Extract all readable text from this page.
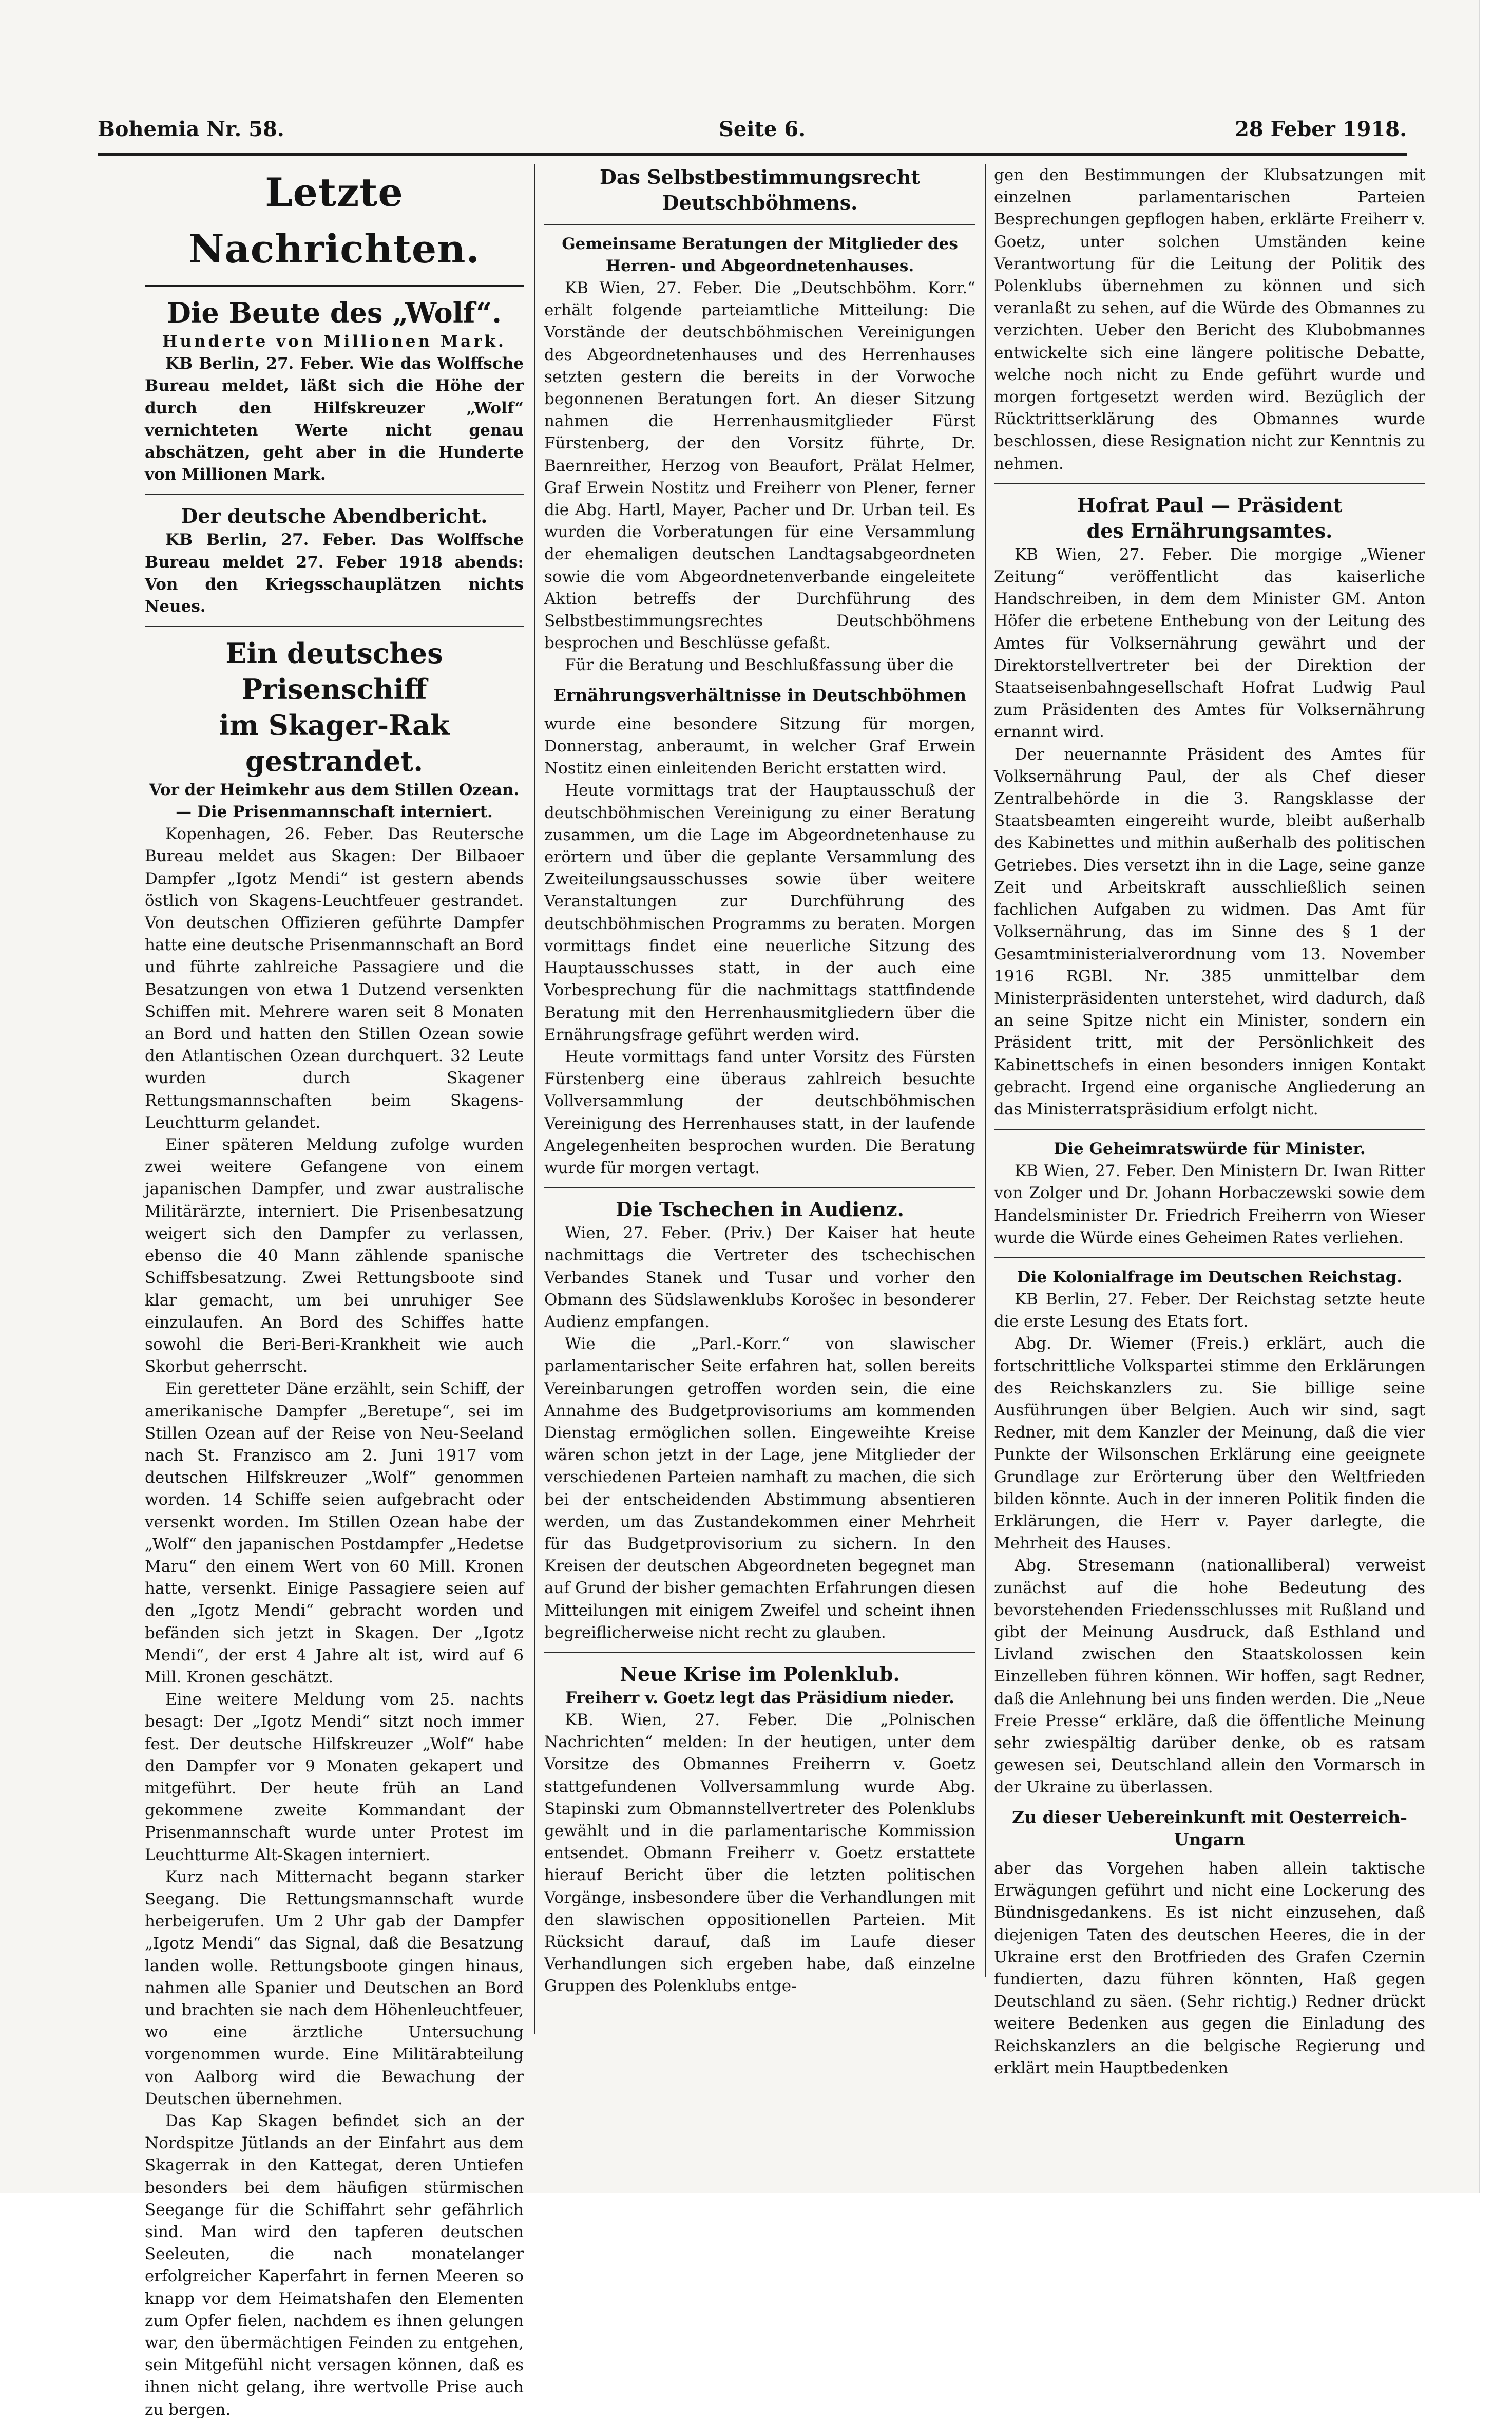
Bohemia Nr. 58.	Seite 6.	28 Feber 1918.
Letzte Nachrichten.
Die Beute des „Wolf“.
Hunderte von Millionen Mark.

KB Berlin, 27. Feber. Wie das Wolffsche Bureau meldet, läßt sich die Höhe der durch den Hilfskreuzer „Wolf“ vernichteten Werte nicht genau abschätzen, geht aber in die Hunderte von Millionen Mark.

Der deutsche Abendbericht.

KB Berlin, 27. Feber. Das Wolffsche Bureau meldet 27. Feber 1918 abends: Von den Kriegsschauplätzen nichts Neues.

Ein deutsches Prisenschiff
im Skager-Rak gestrandet.
Vor der Heimkehr aus dem Stillen Ozean. — Die Prisenmannschaft interniert.

Kopenhagen, 26. Feber. Das Reutersche Bureau meldet aus Skagen: Der Bilbaoer Dampfer „Igotz Mendi“ ist gestern abends östlich von Skagens-Leuchtfeuer gestrandet. Von deutschen Offizieren geführte Dampfer hatte eine deutsche Prisenmannschaft an Bord und führte zahlreiche Passagiere und die Besatzungen von etwa 1 Dutzend versenkten Schiffen mit. Mehrere waren seit 8 Monaten an Bord und hatten den Stillen Ozean sowie den Atlantischen Ozean durchquert. 32 Leute wurden durch Skagener Rettungsmannschaften beim Skagens-Leuchtturm gelandet.

Einer späteren Meldung zufolge wurden zwei weitere Gefangene von einem japanischen Dampfer, und zwar australische Militärärzte, interniert. Die Prisenbesatzung weigert sich den Dampfer zu verlassen, ebenso die 40 Mann zählende spanische Schiffsbesatzung. Zwei Rettungsboote sind klar gemacht, um bei unruhiger See einzulaufen. An Bord des Schiffes hatte sowohl die Beri-Beri-Krankheit wie auch Skorbut geherrscht.

Ein geretteter Däne erzählt, sein Schiff, der amerikanische Dampfer „Beretupe“, sei im Stillen Ozean auf der Reise von Neu-Seeland nach St. Franzisco am 2. Juni 1917 vom deutschen Hilfskreuzer „Wolf“ genommen worden. 14 Schiffe seien aufgebracht oder versenkt worden. Im Stillen Ozean habe der „Wolf“ den japanischen Postdampfer „Hedetse Maru“ den einem Wert von 60 Mill. Kronen hatte, versenkt. Einige Passagiere seien auf den „Igotz Mendi“ gebracht worden und befänden sich jetzt in Skagen. Der „Igotz Mendi“, der erst 4 Jahre alt ist, wird auf 6 Mill. Kronen geschätzt.

Eine weitere Meldung vom 25. nachts besagt: Der „Igotz Mendi“ sitzt noch immer fest. Der deutsche Hilfskreuzer „Wolf“ habe den Dampfer vor 9 Monaten gekapert und mitgeführt. Der heute früh an Land gekommene zweite Kommandant der Prisenmannschaft wurde unter Protest im Leuchtturme Alt-Skagen interniert.

Kurz nach Mitternacht begann starker Seegang. Die Rettungsmannschaft wurde herbeigerufen. Um 2 Uhr gab der Dampfer „Igotz Mendi“ das Signal, daß die Besatzung landen wolle. Rettungsboote gingen hinaus, nahmen alle Spanier und Deutschen an Bord und brachten sie nach dem Höhenleuchtfeuer, wo eine ärztliche Untersuchung vorgenommen wurde. Eine Militärabteilung von Aalborg wird die Bewachung der Deutschen übernehmen.

Das Kap Skagen befindet sich an der Nordspitze Jütlands an der Einfahrt aus dem Skagerrak in den Kattegat, deren Untiefen besonders bei dem häufigen stürmischen Seegange für die Schiffahrt sehr gefährlich sind. Man wird den tapferen deutschen Seeleuten, die nach monatelanger erfolgreicher Kaperfahrt in fernen Meeren so knapp vor dem Heimatshafen den Elementen zum Opfer fielen, nachdem es ihnen gelungen war, den übermächtigen Feinden zu entgehen, sein Mitgefühl nicht versagen können, daß es ihnen nicht gelang, ihre wertvolle Prise auch zu bergen.

Das Selbstbestimmungsrecht Deutschböhmens.
Gemeinsame Beratungen der Mitglieder des Herren- und Abgeordnetenhauses.

KB Wien, 27. Feber. Die „Deutschböhm. Korr.“ erhält folgende parteiamtliche Mitteilung: Die Vorstände der deutschböhmischen Vereinigungen des Abgeordnetenhauses und des Herrenhauses setzten gestern die bereits in der Vorwoche begonnenen Beratungen fort. An dieser Sitzung nahmen die Herrenhausmitglieder Fürst Fürstenberg, der den Vorsitz führte, Dr. Baernreither, Herzog von Beaufort, Prälat Helmer, Graf Erwein Nostitz und Freiherr von Plener, ferner die Abg. Hartl, Mayer, Pacher und Dr. Urban teil. Es wurden die Vorberatungen für eine Versammlung der ehemaligen deutschen Landtagsabgeordneten sowie die vom Abgeordnetenverbande eingeleitete Aktion betreffs der Durchführung des Selbstbestimmungsrechtes Deutschböhmens besprochen und Beschlüsse gefaßt.

Für die Beratung und Beschlußfassung über die

Ernährungsverhältnisse in Deutschböhmen

wurde eine besondere Sitzung für morgen, Donnerstag, anberaumt, in welcher Graf Erwein Nostitz einen einleitenden Bericht erstatten wird.

Heute vormittags trat der Hauptausschuß der deutschböhmischen Vereinigung zu einer Beratung zusammen, um die Lage im Abgeordnetenhause zu erörtern und über die geplante Versammlung des Zweiteilungsausschusses sowie über weitere Veranstaltungen zur Durchführung des deutschböhmischen Programms zu beraten. Morgen vormittags findet eine neuerliche Sitzung des Hauptausschusses statt, in der auch eine Vorbesprechung für die nachmittags stattfindende Beratung mit den Herrenhausmitgliedern über die Ernährungsfrage geführt werden wird.

Heute vormittags fand unter Vorsitz des Fürsten Fürstenberg eine überaus zahlreich besuchte Vollversammlung der deutschböhmischen Vereinigung des Herrenhauses statt, in der laufende Angelegenheiten besprochen wurden. Die Beratung wurde für morgen vertagt.

Die Tschechen in Audienz.

Wien, 27. Feber. (Priv.) Der Kaiser hat heute nachmittags die Vertreter des tschechischen Verbandes Stanek und Tusar und vorher den Obmann des Südslawenklubs Korošec in besonderer Audienz empfangen.

Wie die „Parl.-Korr.“ von slawischer parlamentarischer Seite erfahren hat, sollen bereits Vereinbarungen getroffen worden sein, die eine Annahme des Budgetprovisoriums am kommenden Dienstag ermöglichen sollen. Eingeweihte Kreise wären schon jetzt in der Lage, jene Mitglieder der verschiedenen Parteien namhaft zu machen, die sich bei der entscheidenden Abstimmung absentieren werden, um das Zustandekommen einer Mehrheit für das Budgetprovisorium zu sichern. In den Kreisen der deutschen Abgeordneten begegnet man auf Grund der bisher gemachten Erfahrungen diesen Mitteilungen mit einigem Zweifel und scheint ihnen begreiflicherweise nicht recht zu glauben.

Neue Krise im Polenklub.
Freiherr v. Goetz legt das Präsidium nieder.

KB. Wien, 27. Feber. Die „Polnischen Nachrichten“ melden: In der heutigen, unter dem Vorsitze des Obmannes Freiherrn v. Goetz stattgefundenen Vollversammlung wurde Abg. Stapinski zum Obmannstellvertreter des Polenklubs gewählt und in die parlamentarische Kommission entsendet. Obmann Freiherr v. Goetz erstattete hierauf Bericht über die letzten politischen Vorgänge, insbesondere über die Verhandlungen mit den slawischen oppositionellen Parteien. Mit Rücksicht darauf, daß im Laufe dieser Verhandlungen sich ergeben habe, daß einzelne Gruppen des Polenklubs entge-

gen den Bestimmungen der Klubsatzungen mit einzelnen parlamentarischen Parteien Besprechungen gepflogen haben, erklärte Freiherr v. Goetz, unter solchen Umständen keine Verantwortung für die Leitung der Politik des Polenklubs übernehmen zu können und sich veranlaßt zu sehen, auf die Würde des Obmannes zu verzichten. Ueber den Bericht des Klubobmannes entwickelte sich eine längere politische Debatte, welche noch nicht zu Ende geführt wurde und morgen fortgesetzt werden wird. Bezüglich der Rücktrittserklärung des Obmannes wurde beschlossen, diese Resignation nicht zur Kenntnis zu nehmen.

Hofrat Paul — Präsident
des Ernährungsamtes.

KB Wien, 27. Feber. Die morgige „Wiener Zeitung“ veröffentlicht das kaiserliche Handschreiben, in dem dem Minister GM. Anton Höfer die erbetene Enthebung von der Leitung des Amtes für Volksernährung gewährt und der Direktorstellvertreter bei der Direktion der Staatseisenbahngesellschaft Hofrat Ludwig Paul zum Präsidenten des Amtes für Volksernährung ernannt wird.

Der neuernannte Präsident des Amtes für Volksernährung Paul, der als Chef dieser Zentralbehörde in die 3. Rangsklasse der Staatsbeamten eingereiht wurde, bleibt außerhalb des Kabinettes und mithin außerhalb des politischen Getriebes. Dies versetzt ihn in die Lage, seine ganze Zeit und Arbeitskraft ausschließlich seinen fachlichen Aufgaben zu widmen. Das Amt für Volksernährung, das im Sinne des § 1 der Gesamtministerialverordnung vom 13. November 1916 RGBl. Nr. 385 unmittelbar dem Ministerpräsidenten unterstehet, wird dadurch, daß an seine Spitze nicht ein Minister, sondern ein Präsident tritt, mit der Persönlichkeit des Kabinettschefs in einen besonders innigen Kontakt gebracht. Irgend eine organische Angliederung an das Ministerratspräsidium erfolgt nicht.

Die Geheimratswürde für Minister.

KB Wien, 27. Feber. Den Ministern Dr. Iwan Ritter von Zolger und Dr. Johann Horbaczewski sowie dem Handelsminister Dr. Friedrich Freiherrn von Wieser wurde die Würde eines Geheimen Rates verliehen.

Die Kolonialfrage im Deutschen Reichstag.

KB Berlin, 27. Feber. Der Reichstag setzte heute die erste Lesung des Etats fort.

Abg. Dr. Wiemer (Freis.) erklärt, auch die fortschrittliche Volkspartei stimme den Erklärungen des Reichskanzlers zu. Sie billige seine Ausführungen über Belgien. Auch wir sind, sagt Redner, mit dem Kanzler der Meinung, daß die vier Punkte der Wilsonschen Erklärung eine geeignete Grundlage zur Erörterung über den Weltfrieden bilden könnte. Auch in der inneren Politik finden die Erklärungen, die Herr v. Payer darlegte, die Mehrheit des Hauses.

Abg. Stresemann (nationalliberal) verweist zunächst auf die hohe Bedeutung des bevorstehenden Friedensschlusses mit Rußland und gibt der Meinung Ausdruck, daß Esthland und Livland zwischen den Staatskolossen kein Einzelleben führen können. Wir hoffen, sagt Redner, daß die Anlehnung bei uns finden werden. Die „Neue Freie Presse“ erkläre, daß die öffentliche Meinung sehr zwiespältig darüber denke, ob es ratsam gewesen sei, Deutschland allein den Vormarsch in der Ukraine zu überlassen.

Zu dieser Uebereinkunft mit Oesterreich-Ungarn

aber das Vorgehen haben allein taktische Erwägungen geführt und nicht eine Lockerung des Bündnisgedankens. Es ist nicht einzusehen, daß diejenigen Taten des deutschen Heeres, die in der Ukraine erst den Brotfrieden des Grafen Czernin fundierten, dazu führen könnten, Haß gegen Deutschland zu säen. (Sehr richtig.) Redner drückt weitere Bedenken aus gegen die Einladung des Reichskanzlers an die belgische Regierung und erklärt mein Hauptbedenken
